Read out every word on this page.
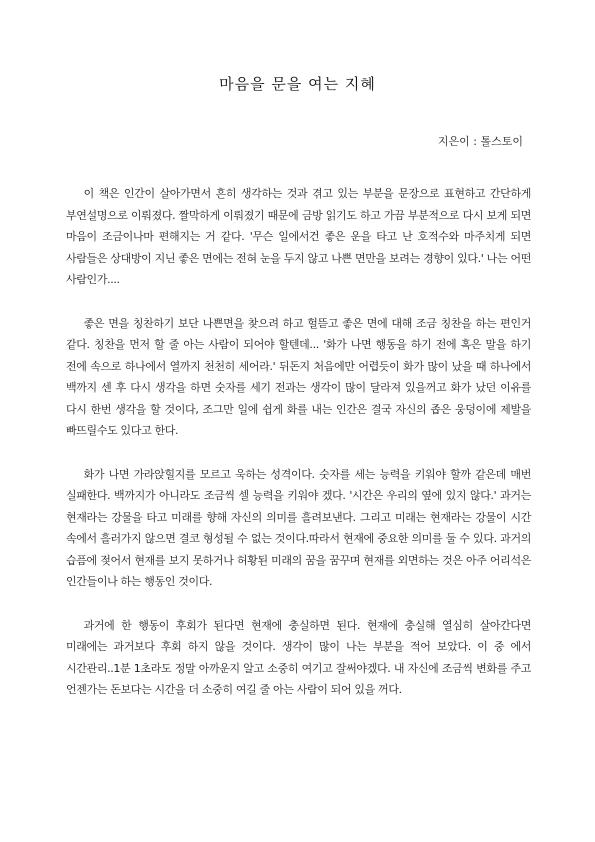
마음을 문을 여는 지혜
지은이 : 톨스토이

이 책은 인간이 살아가면서 흔히 생각하는 것과 겪고 있는 부분을 문장으로 표현하고 간단하게 부연설명으로 이뤄졌다. 짤막하게 이뤄졌기 때문에 금방 읽기도 하고 가끔 부분적으로 다시 보게 되면 마음이 조금이나마 편해지는 거 같다. '무슨 일에서건 좋은 운을 타고 난 호적수와 마주치게 되면 사람들은 상대방이 지닌 좋은 면에는 전혀 눈을 두지 않고 나쁜 면만을 보려는 경향이 있다.' 나는 어떤 사람인가....

좋은 면을 칭찬하기 보단 나쁜면을 찾으려 하고 헐뜯고 좋은 면에 대해 조금 칭찬을 하는 편인거 같다. 칭찬을 먼저 할 줄 아는 사람이 되어야 할텐데... '화가 나면 행동을 하기 전에 혹은 말을 하기 전에 속으로 하나에서 열까지 천천히 세어라.' 뒤돈지 처음에만 어렵듯이 화가 많이 났을 때 하나에서 백까지 센 후 다시 생각을 하면 숫자를 세기 전과는 생각이 많이 달라져 있을꺼고 화가 났던 이유를 다시 한번 생각을 할 것이다, 조그만 일에 쉽게 화를 내는 인간은 결국 자신의 좁은 웅덩이에 제발을 빠뜨릴수도 있다고 한다.

화가 나면 가라앉힐지를 모르고 욱하는 성격이다. 숫자를 세는 능력을 키워야 할까 같은데 매번 실패한다. 백까지가 아니라도 조금씩 셀 능력을 키워야 겠다. '시간은 우리의 옆에 있지 않다.' 과거는 현재라는 강물을 타고 미래를 향해 자신의 의미를 흘려보낸다. 그리고 미래는 현재라는 강물이 시간 속에서 흘러가지 않으면 결코 형성될 수 없는 것이다.따라서 현재에 중요한 의미를 둘 수 있다. 과거의 습픔에 젖어서 현재를 보지 못하거나 허황된 미래의 꿈을 꿈꾸며 현재를 외면하는 것은 아주 어리석은 인간들이나 하는 행동인 것이다.

과거에 한 행동이 후회가 된다면 현재에 충실하면 된다. 현재에 충실해 열심히 살아간다면 미래에는 과거보다 후회 하지 않을 것이다. 생각이 많이 나는 부분을 적어 보았다. 이 중 에서 시간관리..1분 1초라도 정말 아까운지 알고 소중히 여기고 잘써야겠다. 내 자신에 조금씩 변화를 주고 언젠가는 돈보다는 시간을 더 소중히 여길 줄 아는 사람이 되어 있을 꺼다.
